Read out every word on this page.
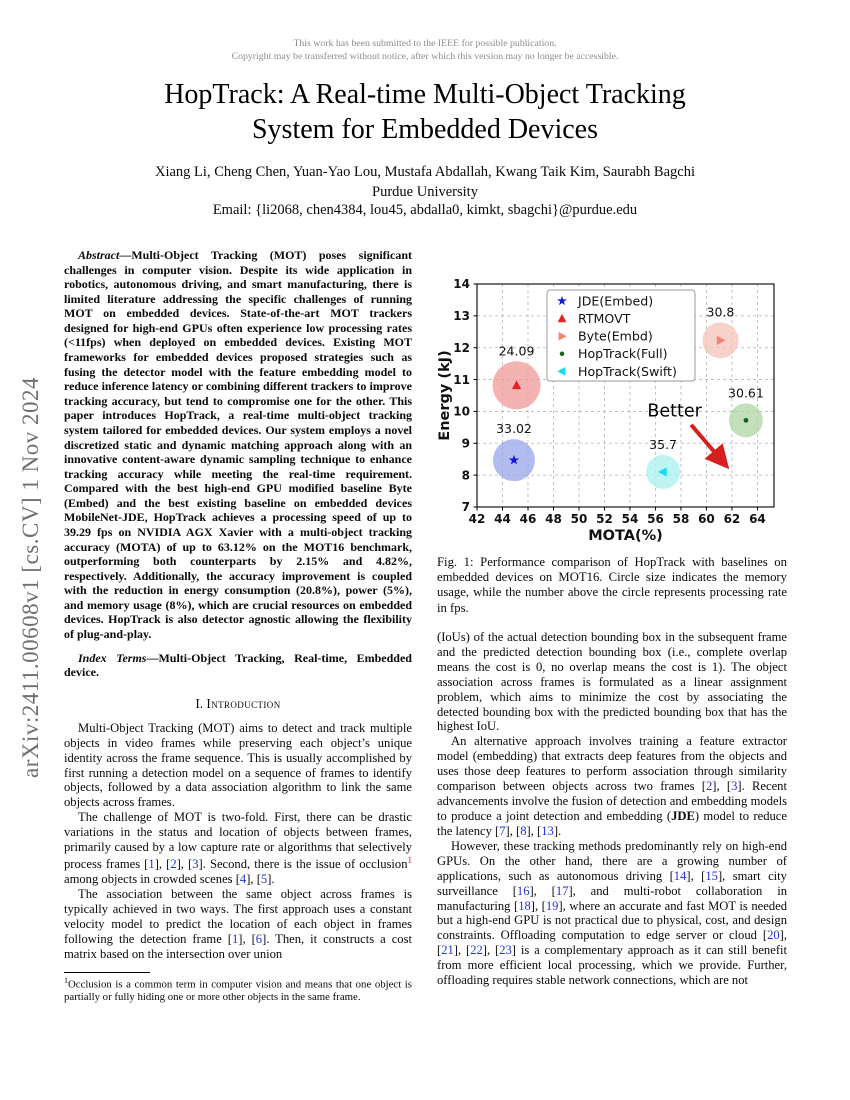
arXiv:2411.00608v1 [cs.CV] 1 Nov 2024
This work has been submitted to the IEEE for possible publication.
Copyright may be transferred without notice, after which this version may no longer be accessible.
HopTrack: A Real-time Multi-Object Tracking
System for Embedded Devices
Xiang Li, Cheng Chen, Yuan-Yao Lou, Mustafa Abdallah, Kwang Taik Kim, Saurabh Bagchi
Purdue University
Email: {li2068, chen4384, lou45, abdalla0, kimkt, sbagchi}@purdue.edu

Abstract—Multi-Object Tracking (MOT) poses significant challenges in computer vision. Despite its wide application in robotics, autonomous driving, and smart manufacturing, there is limited literature addressing the specific challenges of running MOT on embedded devices. State-of-the-art MOT trackers designed for high-end GPUs often experience low processing rates (<11fps) when deployed on embedded devices. Existing MOT frameworks for embedded devices proposed strategies such as fusing the detector model with the feature embedding model to reduce inference latency or combining different trackers to improve tracking accuracy, but tend to compromise one for the other. This paper introduces HopTrack, a real-time multi-object tracking system tailored for embedded devices. Our system employs a novel discretized static and dynamic matching approach along with an innovative content-aware dynamic sampling technique to enhance tracking accuracy while meeting the real-time requirement. Compared with the best high-end GPU modified baseline Byte (Embed) and the best existing baseline on embedded devices MobileNet-JDE, HopTrack achieves a processing speed of up to 39.29 fps on NVIDIA AGX Xavier with a multi-object tracking accuracy (MOTA) of up to 63.12% on the MOT16 benchmark, outperforming both counterparts by 2.15% and 4.82%, respectively. Additionally, the accuracy improvement is coupled with the reduction in energy consumption (20.8%), power (5%), and memory usage (8%), which are crucial resources on embedded devices. HopTrack is also detector agnostic allowing the flexibility of plug-and-play.

Index Terms—Multi-Object Tracking, Real-time, Embedded device.

I. Introduction

Multi-Object Tracking (MOT) aims to detect and track multiple objects in video frames while preserving each object’s unique identity across the frame sequence. This is usually accomplished by first running a detection model on a sequence of frames to identify objects, followed by a data association algorithm to link the same objects across frames.

The challenge of MOT is two-fold. First, there can be drastic variations in the status and location of objects between frames, primarily caused by a low capture rate or algorithms that selectively process frames [1], [2], [3]. Second, there is the issue of occlusion$^1$ among objects in crowded scenes [4], [5].

The association between the same object across frames is typically achieved in two ways. The first approach uses a constant velocity model to predict the location of each object in frames following the detection frame [1], [6]. Then, it constructs a cost matrix based on the intersection over union

$^1$Occlusion is a common term in computer vision and means that one object is partially or fully hiding one or more other objects in the same frame.

33.02
24.09
30.8
30.61
35.7
Better
42 44 46 48 50 52 54 56 58 60 62 64
7
8
9
10
11
12
13
14
MOTA(%)
Energy (kJ)
JDE(Embed)
RTMOVT
Byte(Embd)
HopTrack(Full)
HopTrack(Swift)

Fig. 1: Performance comparison of HopTrack with baselines on embedded devices on MOT16. Circle size indicates the memory usage, while the number above the circle represents processing rate in fps.

(IoUs) of the actual detection bounding box in the subsequent frame and the predicted detection bounding box (i.e., complete overlap means the cost is 0, no overlap means the cost is 1). The object association across frames is formulated as a linear assignment problem, which aims to minimize the cost by associating the detected bounding box with the predicted bounding box that has the highest IoU.

An alternative approach involves training a feature extractor model (embedding) that extracts deep features from the objects and uses those deep features to perform association through similarity comparison between objects across two frames [2], [3]. Recent advancements involve the fusion of detection and embedding models to produce a joint detection and embedding (JDE) model to reduce the latency [7], [8], [13].

However, these tracking methods predominantly rely on high-end GPUs. On the other hand, there are a growing number of applications, such as autonomous driving [14], [15], smart city surveillance [16], [17], and multi-robot collaboration in manufacturing [18], [19], where an accurate and fast MOT is needed but a high-end GPU is not practical due to physical, cost, and design constraints. Offloading computation to edge server or cloud [20], [21], [22], [23] is a complementary approach as it can still benefit from more efficient local processing, which we provide. Further, offloading requires stable network connections, which are not
